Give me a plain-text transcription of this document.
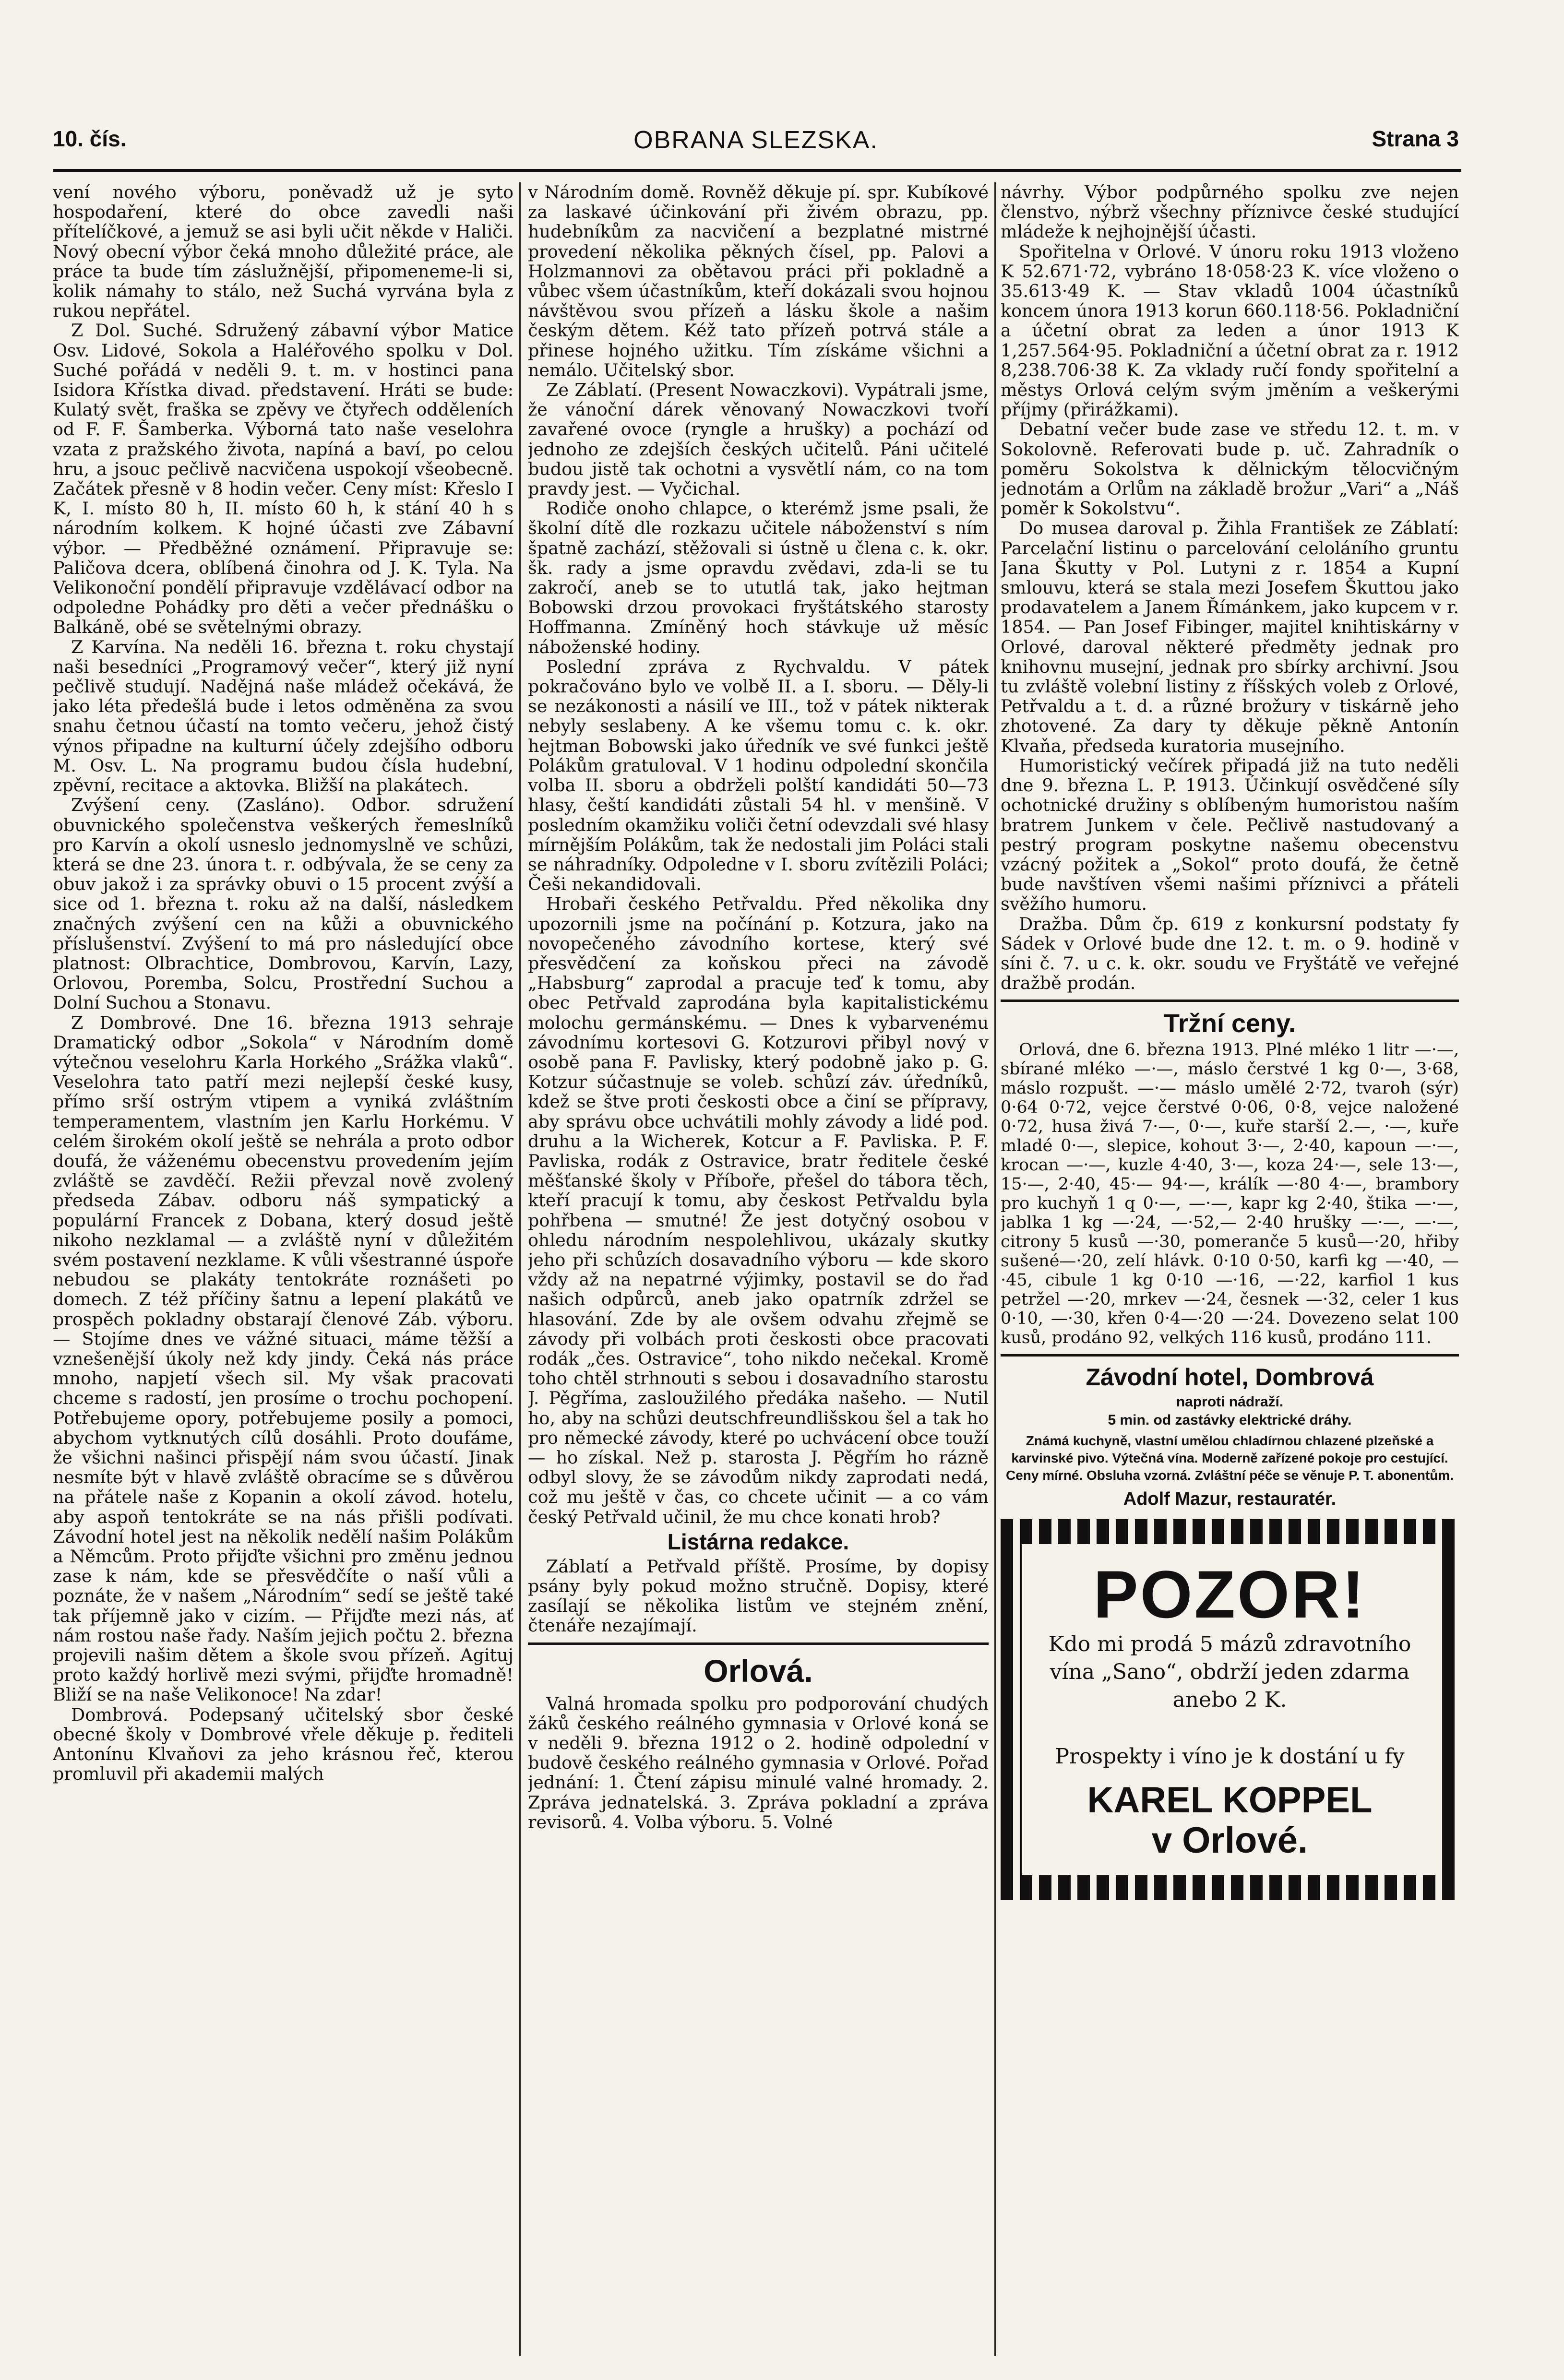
10. čís.	OBRANA SLEZSKA.	Strana 3

vení nového výboru, poněvadž už je syto hospodaření, které do obce zavedli naši přítelíčkové, a jemuž se asi byli učit někde v Haliči. Nový obecní výbor čeká mnoho důležité práce, ale práce ta bude tím záslužnější, připomeneme-li si, kolik námahy to stálo, než Suchá vyrvána byla z rukou nepřátel.

Z Dol. Suché. Sdružený zábavní výbor Matice Osv. Lidové, Sokola a Haléřového spolku v Dol. Suché pořádá v neděli 9. t. m. v hostinci pana Isidora Křístka divad. představení. Hráti se bude: Kulatý svět, fraška se zpěvy ve čtyřech odděleních od F. F. Šamberka. Výborná tato naše veselohra vzata z pražského života, napíná a baví, po celou hru, a jsouc pečlivě nacvičena uspokojí všeobecně. Začátek přesně v 8 hodin večer. Ceny míst: Křeslo I K, I. místo 80 h, II. místo 60 h, k stání 40 h s národním kolkem. K hojné účasti zve Zábavní výbor. — Předběžné oznámení. Připravuje se: Paličova dcera, oblíbená činohra od J. K. Tyla. Na Velikonoční pondělí připravuje vzdělávací odbor na odpoledne Pohádky pro děti a večer přednášku o Balkáně, obé se světelnými obrazy.

Z Karvína. Na neděli 16. března t. roku chystají naši besedníci „Programový večer“, který již nyní pečlivě studují. Nadějná naše mládež očekává, že jako léta předešlá bude i letos odměněna za svou snahu četnou účastí na tomto večeru, jehož čistý výnos připadne na kulturní účely zdejšího odboru M. Osv. L. Na programu budou čísla hudební, zpěvní, recitace a aktovka. Bližší na plakátech.

Zvýšení ceny. (Zasláno). Odbor. sdružení obuvnického společenstva veškerých řemeslníků pro Karvín a okolí usneslo jednomyslně ve schůzi, která se dne 23. února t. r. odbývala, že se ceny za obuv jakož i za správky obuvi o 15 procent zvýší a sice od 1. března t. roku až na další, následkem značných zvýšení cen na kůži a obuvnického příslušenství. Zvýšení to má pro následující obce platnost: Olbrachtice, Dombrovou, Karvín, Lazy, Orlovou, Poremba, Solcu, Prostřední Suchou a Dolní Suchou a Stonavu.

Z Dombrové. Dne 16. března 1913 sehraje Dramatický odbor „Sokola“ v Národním domě výtečnou veselohru Karla Horkého „Srážka vlaků“. Veselohra tato patří mezi nejlepší české kusy, přímo srší ostrým vtipem a vyniká zvláštním temperamentem, vlastním jen Karlu Horkému. V celém širokém okolí ještě se nehrála a proto odbor doufá, že váženému obecenstvu provedením jejím zvláště se zavděčí. Režii převzal nově zvolený předseda Zábav. odboru náš sympatický a populární Francek z Dobana, který dosud ještě nikoho nezklamal — a zvláště nyní v důležitém svém postavení nezklame. K vůli všestranné úspoře nebudou se plakáty tentokráte roznášeti po domech. Z též příčiny šatnu a lepení plakátů ve prospěch pokladny obstarají členové Záb. výboru. — Stojíme dnes ve vážné situaci, máme těžší a vznešenější úkoly než kdy jindy. Čeká nás práce mnoho, napjetí všech sil. My však pracovati chceme s radostí, jen prosíme o trochu pochopení. Potřebujeme opory, potřebujeme posily a pomoci, abychom vytknutých cílů dosáhli. Proto doufáme, že všichni našinci přispějí nám svou účastí. Jinak nesmíte být v hlavě zvláště obracíme se s důvěrou na přátele naše z Kopanin a okolí závod. hotelu, aby aspoň tentokráte se na nás přišli podívati. Závodní hotel jest na několik nedělí našim Polákům a Němcům. Proto přijďte všichni pro změnu jednou zase k nám, kde se přesvědčíte o naší vůli a poznáte, že v našem „Národním“ sedí se ještě také tak příjemně jako v cizím. — Přijďte mezi nás, ať nám rostou naše řady. Naším jejich počtu 2. března projevili našim dětem a škole svou přízeň. Agituj proto každý horlivě mezi svými, přijďte hromadně! Bliží se na naše Velikonoce! Na zdar!

Dombrová. Podepsaný učitelský sbor české obecné školy v Dombrové vřele děkuje p. řediteli Antonínu Klvaňovi za jeho krásnou řeč, kterou promluvil při akademii malých

v Národním domě. Rovněž děkuje pí. spr. Kubíkové za laskavé účinkování při živém obrazu, pp. hudebníkům za nacvičení a bezplatné mistrné provedení několika pěkných čísel, pp. Palovi a Holzmannovi za obětavou práci při pokladně a vůbec všem účastníkům, kteří dokázali svou hojnou návštěvou svou přízeň a lásku škole a našim českým dětem. Kéž tato přízeň potrvá stále a přinese hojného užitku. Tím získáme všichni a nemálo. Učitelský sbor.

Ze Záblatí. (Present Nowaczkovi). Vypátrali jsme, že vánoční dárek věnovaný Nowaczkovi tvoří zavařené ovoce (ryngle a hrušky) a pochází od jednoho ze zdejších českých učitelů. Páni učitelé budou jistě tak ochotni a vysvětlí nám, co na tom pravdy jest. — Vyčichal.

Rodiče onoho chlapce, o kterémž jsme psali, že školní dítě dle rozkazu učitele náboženství s ním špatně zachází, stěžovali si ústně u člena c. k. okr. šk. rady a jsme opravdu zvědavi, zda-li se tu zakročí, aneb se to ututlá tak, jako hejtman Bobowski drzou provokaci fryštátského starosty Hoffmanna. Zmíněný hoch stávkuje už měsíc náboženské hodiny.

Poslední zpráva z Rychvaldu. V pátek pokračováno bylo ve volbě II. a I. sboru. — Děly-li se nezákonosti a násilí ve III., tož v pátek nikterak nebyly seslabeny. A ke všemu tomu c. k. okr. hejtman Bobowski jako úředník ve své funkci ještě Polákům gratuloval. V 1 hodinu odpolední skončila volba II. sboru a obdrželi polští kandidáti 50—73 hlasy, čeští kandidáti zůstali 54 hl. v menšině. V posledním okamžiku voliči četní odevzdali své hlasy mírnějším Polákům, tak že nedostali jim Poláci stali se náhradníky. Odpoledne v I. sboru zvítězili Poláci; Češi nekandidovali.

Hrobaři českého Petřvaldu. Před několika dny upozornili jsme na počínání p. Kotzura, jako na novopečeného závodního kortese, který své přesvědčení za koňskou přeci na závodě „Habsburg“ zaprodal a pracuje teď k tomu, aby obec Petřvald zaprodána byla kapitalistickému molochu germánskému. — Dnes k vybarvenému závodnímu kortesovi G. Kotzurovi přibyl nový v osobě pana F. Pavlisky, který podobně jako p. G. Kotzur súčastnuje se voleb. schůzí záv. úředníků, kdež se štve proti českosti obce a činí se přípravy, aby správu obce uchvátili mohly závody a lidé pod. druhu a la Wicherek, Kotcur a F. Pavliska. P. F. Pavliska, rodák z Ostravice, bratr ředitele české měšťanské školy v Příboře, přešel do tábora těch, kteří pracují k tomu, aby českost Petřvaldu byla pohřbena — smutné! Že jest dotyčný osobou v ohledu národním nespolehlivou, ukázaly skutky jeho při schůzích dosavadního výboru — kde skoro vždy až na nepatrné výjimky, postavil se do řad našich odpůrců, aneb jako opatrník zdržel se hlasování. Zde by ale ovšem odvahu zřejmě se závody při volbách proti českosti obce pracovati rodák „čes. Ostravice“, toho nikdo nečekal. Kromě toho chtěl strhnouti s sebou i dosavadního starostu J. Pěgříma, zasloužilého předáka našeho. — Nutil ho, aby na schůzi deutschfreundlišskou šel a tak ho pro německé závody, které po uchvácení obce touží — ho získal. Než p. starosta J. Pěgřím ho rázně odbyl slovy, že se závodům nikdy zaprodati nedá, což mu ještě v čas, co chcete učinit — a co vám český Petřvald učinil, že mu chce konati hrob?

Listárna redakce.

Záblatí a Petřvald příště. Prosíme, by dopisy psány byly pokud možno stručně. Dopisy, které zasílají se několika listům ve stejném znění, čtenáře nezajímají.

Orlová.

Valná hromada spolku pro podporování chudých žáků českého reálného gymnasia v Orlové koná se v neděli 9. března 1912 o 2. hodině odpolední v budově českého reálného gymnasia v Orlové. Pořad jednání: 1. Čtení zápisu minulé valné hromady. 2. Zpráva jednatelská. 3. Zpráva pokladní a zpráva revisorů. 4. Volba výboru. 5. Volné

návrhy. Výbor podpůrného spolku zve nejen členstvo, nýbrž všechny příznivce české studující mládeže k nejhojnější účasti.

Spořitelna v Orlové. V únoru roku 1913 vloženo K 52.671·72, vybráno 18·058·23 K. více vloženo o 35.613·49 K. — Stav vkladů 1004 účastníků koncem února 1913 korun 660.118·56. Pokladniční a účetní obrat za leden a únor 1913 K 1,257.564·95. Pokladniční a účetní obrat za r. 1912 8,238.706·38 K. Za vklady ručí fondy spořitelní a městys Orlová celým svým jměním a veškerými příjmy (přirážkami).

Debatní večer bude zase ve středu 12. t. m. v Sokolovně. Referovati bude p. uč. Zahradník o poměru Sokolstva k dělnickým tělocvičným jednotám a Orlům na základě brožur „Vari“ a „Náš poměr k Sokolstvu“.

Do musea daroval p. Žihla František ze Záblatí: Parcelační listinu o parcelování celoláního gruntu Jana Škutty v Pol. Lutyni z r. 1854 a Kupní smlouvu, která se stala mezi Josefem Škuttou jako prodavatelem a Janem Římánkem, jako kupcem v r. 1854. — Pan Josef Fibinger, majitel knihtiskárny v Orlové, daroval některé předměty jednak pro knihovnu musejní, jednak pro sbírky archivní. Jsou tu zvláště volební listiny z říšských voleb z Orlové, Petřvaldu a t. d. a různé brožury v tiskárně jeho zhotovené. Za dary ty děkuje pěkně Antonín Klvaňa, předseda kuratoria musejního.

Humoristický večírek připadá již na tuto neděli dne 9. března L. P. 1913. Účinkují osvědčené síly ochotnické družiny s oblíbeným humoristou naším bratrem Junkem v čele. Pečlivě nastudovaný a pestrý program poskytne našemu obecenstvu vzácný požitek a „Sokol“ proto doufá, že četně bude navštíven všemi našimi příznivci a přáteli svěžího humoru.

Dražba. Dům čp. 619 z konkursní podstaty fy Sádek v Orlové bude dne 12. t. m. o 9. hodině v síni č. 7. u c. k. okr. soudu ve Fryštátě ve veřejné dražbě prodán.

Tržní ceny.

Orlová, dne 6. března 1913. Plné mléko 1 litr —·—, sbírané mléko —·—, máslo čerstvé 1 kg 0·—, 3·68, máslo rozpušt. —·— máslo umělé 2·72, tvaroh (sýr) 0·64 0·72, vejce čerstvé 0·06, 0·8, vejce naložené 0·72, husa živá 7·—, 0·—, kuře starší 2.—, ·—, kuře mladé 0·—, slepice, kohout 3·—, 2·40, kapoun —·—, krocan —·—, kuzle 4·40, 3·—, koza 24·—, sele 13·—, 15·—, 2·40, 45·— 94·—, králík —·80 4·—, brambory pro kuchyň 1 q 0·—, —·—, kapr kg 2·40, štika —·—, jablka 1 kg —·24, —·52,— 2·40 hrušky —·—, —·—, citrony 5 kusů —·30, pomeranče 5 kusů—·20, hřiby sušené—·20, zelí hlávk. 0·10 0·50, karfi kg —·40, —·45, cibule 1 kg 0·10 —·16, —·22, karfiol 1 kus petržel —·20, mrkev —·24, česnek —·32, celer 1 kus 0·10, —·30, křen 0·4—·20 —·24. Dovezeno selat 100 kusů, prodáno 92, velkých 116 kusů, prodáno 111.

Závodní hotel, Dombrová
naproti nádraží.
5 min. od zastávky elektrické dráhy.

Známá kuchyně, vlastní umělou chladírnou chlazené plzeňské a karvinské pivo. Výtečná vína. Moderně zařízené pokoje pro cestující. Ceny mírné. Obsluha vzorná. Zvláštní péče se věnuje P. T. abonentům.

Adolf Mazur, restauratér.
POZOR!
Kdo mi prodá 5 mázů zdravotního vína „Sano“, obdrží jeden zdarma anebo 2 K.
Prospekty i víno je k dostání u fy
KAREL KOPPEL
v Orlové.
